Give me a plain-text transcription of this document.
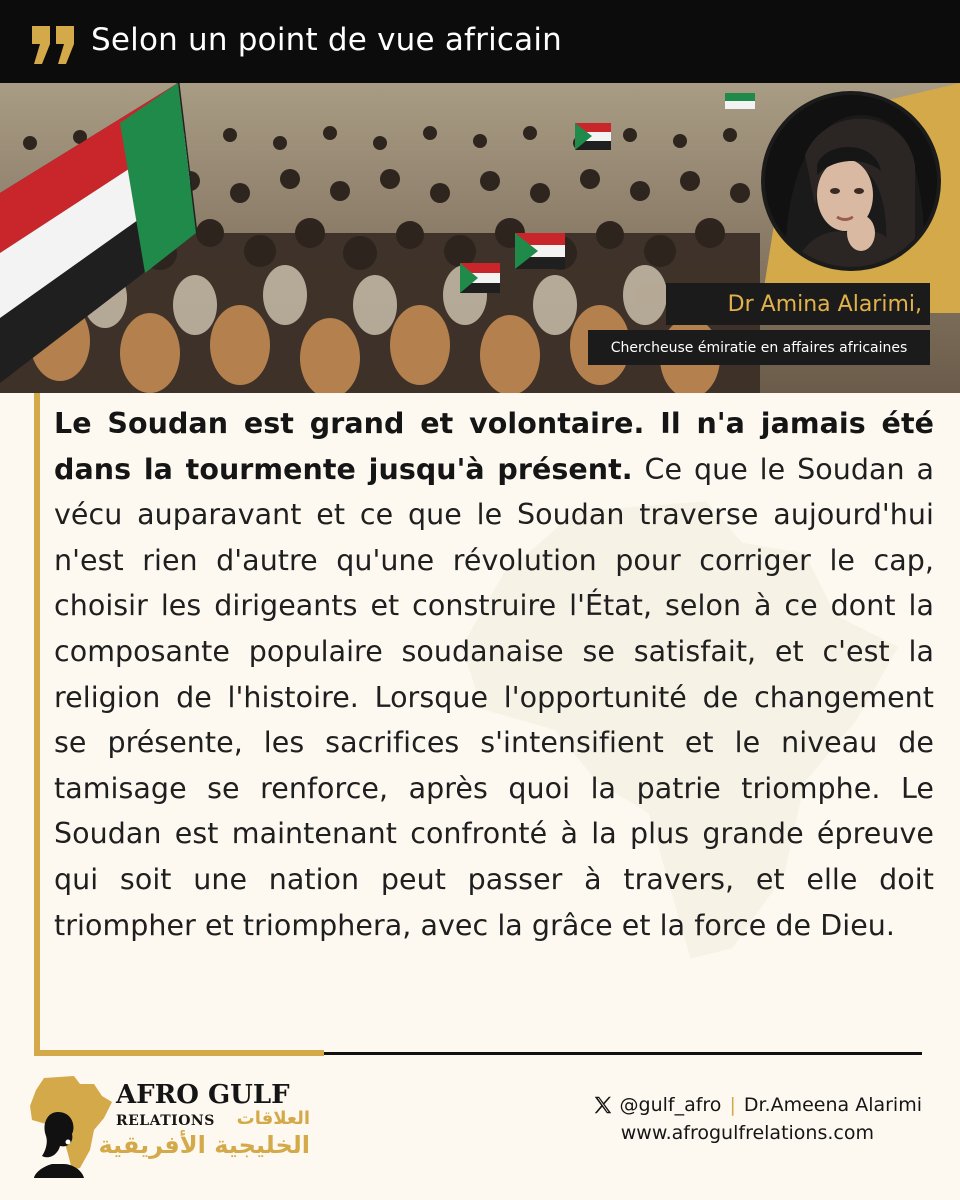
Selon un point de vue africain
Dr Amina Alarimi,
Chercheuse émiratie en affaires africaines
Le Soudan est grand et volontaire. Il n'a jamais été dans la tourmente jusqu'à présent. Ce que le Soudan a vécu auparavant et ce que le Soudan traverse aujourd'hui n'est rien d'autre qu'une révolution pour corriger le cap, choisir les dirigeants et construire l'État, selon à ce dont la composante populaire soudanaise se satisfait, et c'est la religion de l'histoire. Lorsque l'opportunité de changement se présente, les sacrifices s'intensifient et le niveau de tamisage se renforce, après quoi la patrie triomphe. Le Soudan est maintenant confronté à la plus grande épreuve qui soit une nation peut passer à travers, et elle doit triompher et triomphera, avec la grâce et la force de Dieu.
AFRO GULF
RELATIONS	العلاقات
الخليجية الأفريقية
@gulf_afro | Dr.Ameena Alarimi
www.afrogulfrelations.com
